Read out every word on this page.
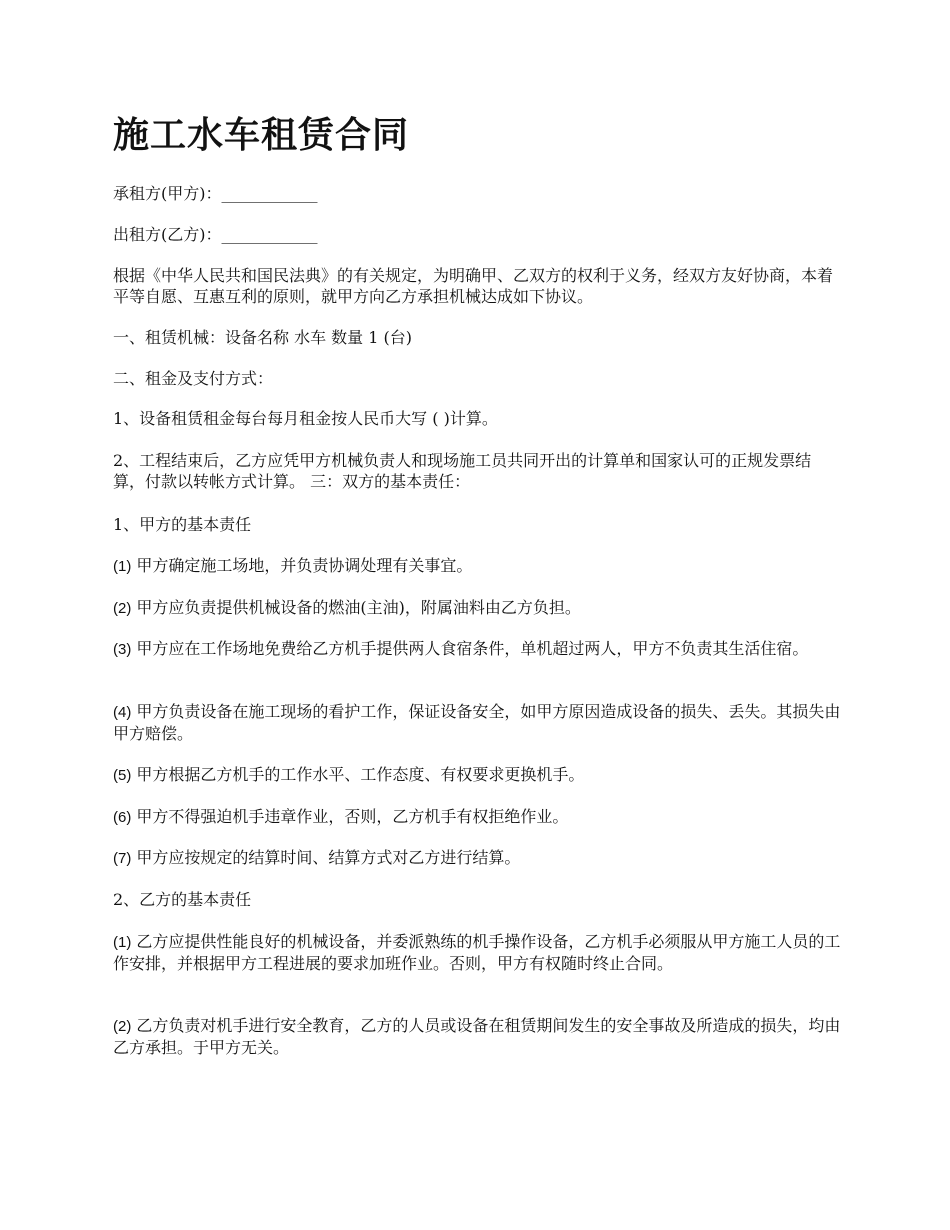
施工水车租赁合同

承租方(甲方)：____________

出租方(乙方)：____________

根据《中华人民共和国民法典》的有关规定，为明确甲、乙双方的权利于义务，经双方友好协商，本着平等自愿、互惠互利的原则，就甲方向乙方承担机械达成如下协议。

一、租赁机械：设备名称 水车 数量 1 (台)

二、租金及支付方式：

1、设备租赁租金每台每月租金按人民币大写 ( )计算。

2、工程结束后，乙方应凭甲方机械负责人和现场施工员共同开出的计算单和国家认可的正规发票结算，付款以转帐方式计算。 三：双方的基本责任：

1、甲方的基本责任

(1) 甲方确定施工场地，并负责协调处理有关事宜。

(2) 甲方应负责提供机械设备的燃油(主油)，附属油料由乙方负担。

(3) 甲方应在工作场地免费给乙方机手提供两人食宿条件，单机超过两人，甲方不负责其生活住宿。

(4) 甲方负责设备在施工现场的看护工作，保证设备安全，如甲方原因造成设备的损失、丢失。其损失由甲方赔偿。

(5) 甲方根据乙方机手的工作水平、工作态度、有权要求更换机手。

(6) 甲方不得强迫机手违章作业，否则，乙方机手有权拒绝作业。

(7) 甲方应按规定的结算时间、结算方式对乙方进行结算。

2、乙方的基本责任

(1) 乙方应提供性能良好的机械设备，并委派熟练的机手操作设备，乙方机手必须服从甲方施工人员的工作安排，并根据甲方工程进展的要求加班作业。否则，甲方有权随时终止合同。

(2) 乙方负责对机手进行安全教育，乙方的人员或设备在租赁期间发生的安全事故及所造成的损失，均由乙方承担。于甲方无关。
